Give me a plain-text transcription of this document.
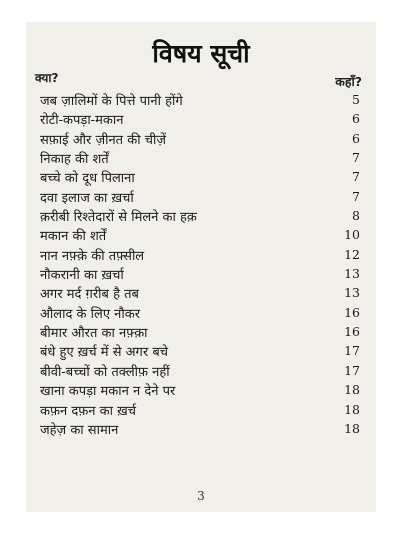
विषय सूची
क्या?	कहाँ?
जब ज़ालिमों के पित्ते पानी होंगे	5
रोटी-कपड़ा-मकान	6
सफ़ाई और ज़ीनत की चीज़ें	6
निकाह की शर्तें	7
बच्चे को दूध पिलाना	7
दवा इलाज का ख़र्चा	7
क़रीबी रिश्तेदारों से मिलने का हक़	8
मकान की शर्तें	10
नान नफ़्क़े की तफ़्सील	12
नौकरानी का ख़र्चा	13
अगर मर्द ग़रीब है तब	13
औलाद के लिए नौकर	16
बीमार औरत का नफ़्क़ा	16
बंधे हुए ख़र्च में से अगर बचे	17
बीवी-बच्चों को तक्लीफ़ नहीं	17
खाना कपड़ा मकान न देने पर	18
कफ़न दफ़न का ख़र्च	18
जहेज़ का सामान	18
3
